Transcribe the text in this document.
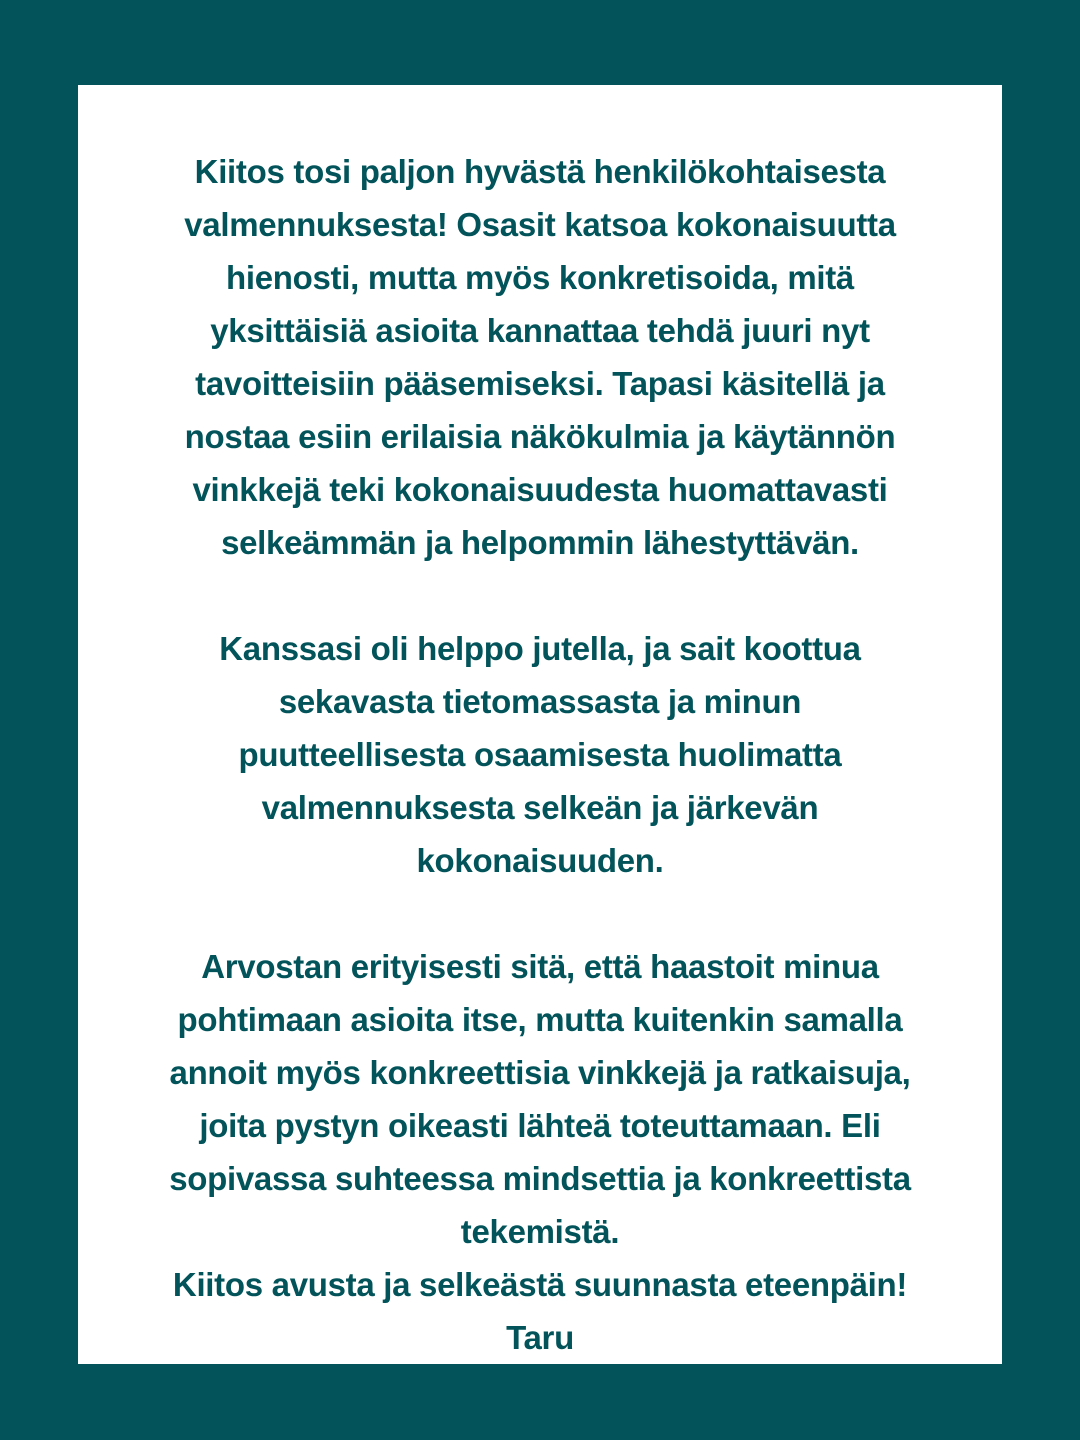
Kiitos tosi paljon hyvästä henkilökohtaisesta
valmennuksesta! Osasit katsoa kokonaisuutta
hienosti, mutta myös konkretisoida, mitä
yksittäisiä asioita kannattaa tehdä juuri nyt
tavoitteisiin pääsemiseksi. Tapasi käsitellä ja
nostaa esiin erilaisia näkökulmia ja käytännön
vinkkejä teki kokonaisuudesta huomattavasti
selkeämmän ja helpommin lähestyttävän.

Kanssasi oli helppo jutella, ja sait koottua
sekavasta tietomassasta ja minun
puutteellisesta osaamisesta huolimatta
valmennuksesta selkeän ja järkevän
kokonaisuuden.

Arvostan erityisesti sitä, että haastoit minua
pohtimaan asioita itse, mutta kuitenkin samalla
annoit myös konkreettisia vinkkejä ja ratkaisuja,
joita pystyn oikeasti lähteä toteuttamaan. Eli
sopivassa suhteessa mindsettia ja konkreettista
tekemistä.
Kiitos avusta ja selkeästä suunnasta eteenpäin!
Taru
